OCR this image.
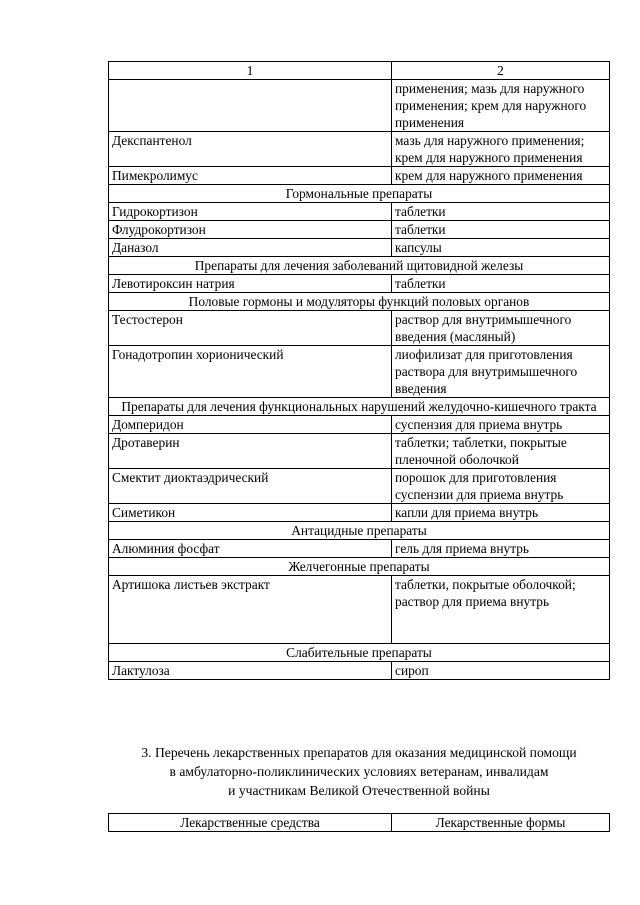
1	2
	применения; мазь для наружного применения; крем для наружного применения
Декспантенол	мазь для наружного применения; крем для наружного применения
Пимекролимус	крем для наружного применения
Гормональные препараты	
Гидрокортизон	таблетки
Флудрокортизон	таблетки
Даназол	капсулы
Препараты для лечения заболеваний щитовидной железы	
Левотироксин натрия	таблетки
Половые гормоны и модуляторы функций половых органов	
Тестостерон	раствор для внутримышечного введения (масляный)
Гонадотропин хорионический	лиофилизат для приготовления раствора для внутримышечного введения
Препараты для лечения функциональных нарушений желудочно-кишечного тракта	
Домперидон	суспензия для приема внутрь
Дротаверин	таблетки; таблетки, покрытые пленочной оболочкой
Смектит диоктаэдрический	порошок для приготовления суспензии для приема внутрь
Симетикон	капли для приема внутрь
Антацидные препараты	
Алюминия фосфат	гель для приема внутрь
Желчегонные препараты	
Артишока листьев экстракт	таблетки, покрытые оболочкой; раствор для приема внутрь
Слабительные препараты	
Лактулоза	сироп
3. Перечень лекарственных препаратов для оказания медицинской помощи
в амбулаторно-поликлинических условиях ветеранам, инвалидам
и участникам Великой Отечественной войны
Лекарственные средства	Лекарственные формы
